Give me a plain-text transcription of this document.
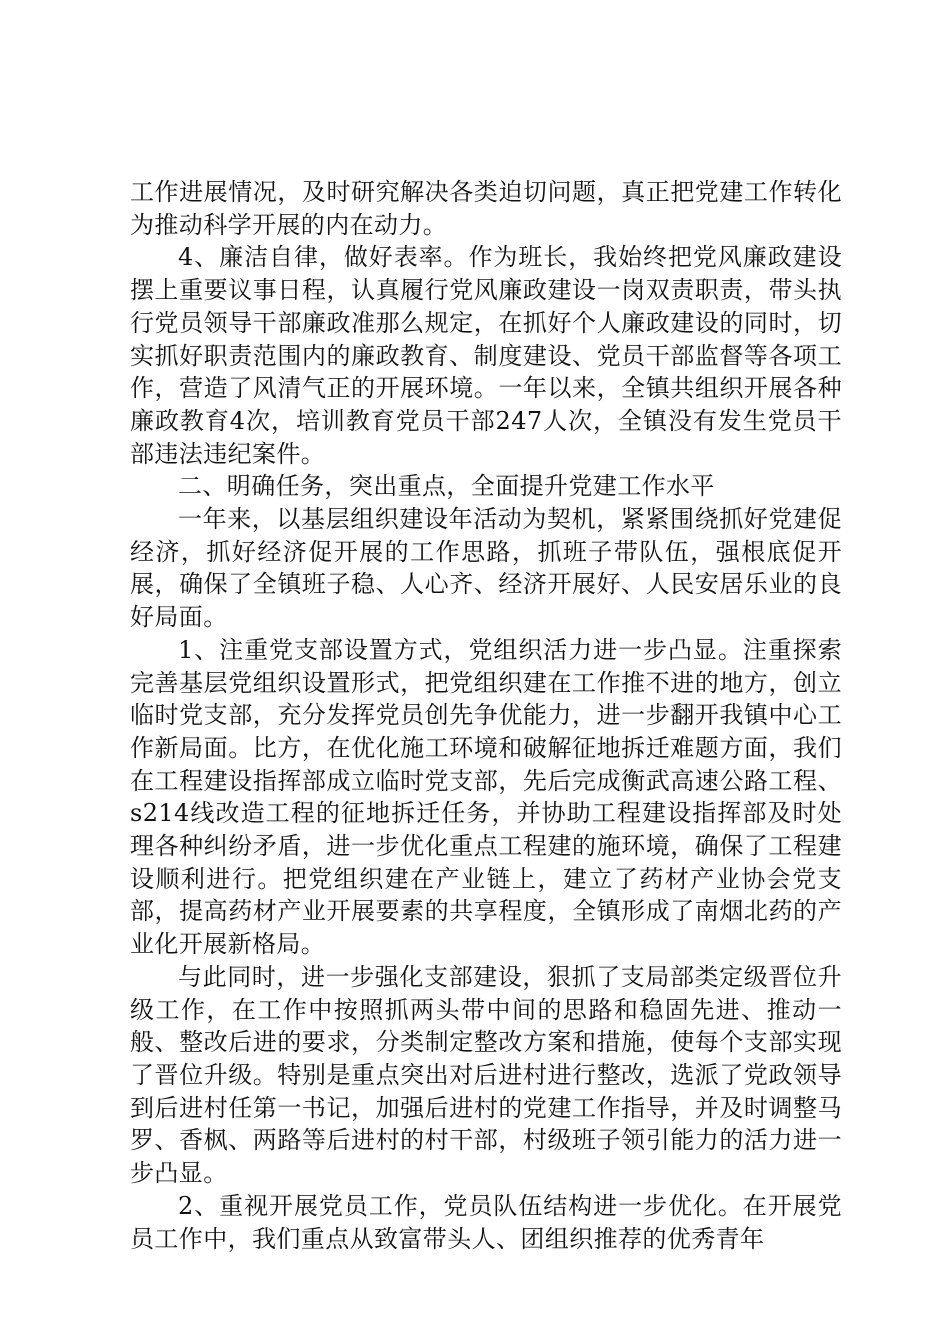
工作进展情况，及时研究解决各类迫切问题，真正把党建工作转化为推动科学开展的内在动力。

4、廉洁自律，做好表率。作为班长，我始终把党风廉政建设摆上重要议事日程，认真履行党风廉政建设一岗双责职责，带头执行党员领导干部廉政准那么规定，在抓好个人廉政建设的同时，切实抓好职责范围内的廉政教育、制度建设、党员干部监督等各项工作，营造了风清气正的开展环境。一年以来，全镇共组织开展各种廉政教育4次，培训教育党员干部247人次，全镇没有发生党员干部违法违纪案件。

二、明确任务，突出重点，全面提升党建工作水平

一年来，以基层组织建设年活动为契机，紧紧围绕抓好党建促经济，抓好经济促开展的工作思路，抓班子带队伍，强根底促开展，确保了全镇班子稳、人心齐、经济开展好、人民安居乐业的良好局面。

1、注重党支部设置方式，党组织活力进一步凸显。注重探索完善基层党组织设置形式，把党组织建在工作推不进的地方，创立临时党支部，充分发挥党员创先争优能力，进一步翻开我镇中心工作新局面。比方，在优化施工环境和破解征地拆迁难题方面，我们在工程建设指挥部成立临时党支部，先后完成衡武高速公路工程、s214线改造工程的征地拆迁任务，并协助工程建设指挥部及时处理各种纠纷矛盾，进一步优化重点工程建的施环境，确保了工程建设顺利进行。把党组织建在产业链上，建立了药材产业协会党支部，提高药材产业开展要素的共享程度，全镇形成了南烟北药的产业化开展新格局。

与此同时，进一步强化支部建设，狠抓了支局部类定级晋位升级工作，在工作中按照抓两头带中间的思路和稳固先进、推动一般、整改后进的要求，分类制定整改方案和措施，使每个支部实现了晋位升级。特别是重点突出对后进村进行整改，选派了党政领导到后进村任第一书记，加强后进村的党建工作指导，并及时调整马罗、香枫、两路等后进村的村干部，村级班子领引能力的活力进一步凸显。

2、重视开展党员工作，党员队伍结构进一步优化。在开展党员工作中，我们重点从致富带头人、团组织推荐的优秀青年
